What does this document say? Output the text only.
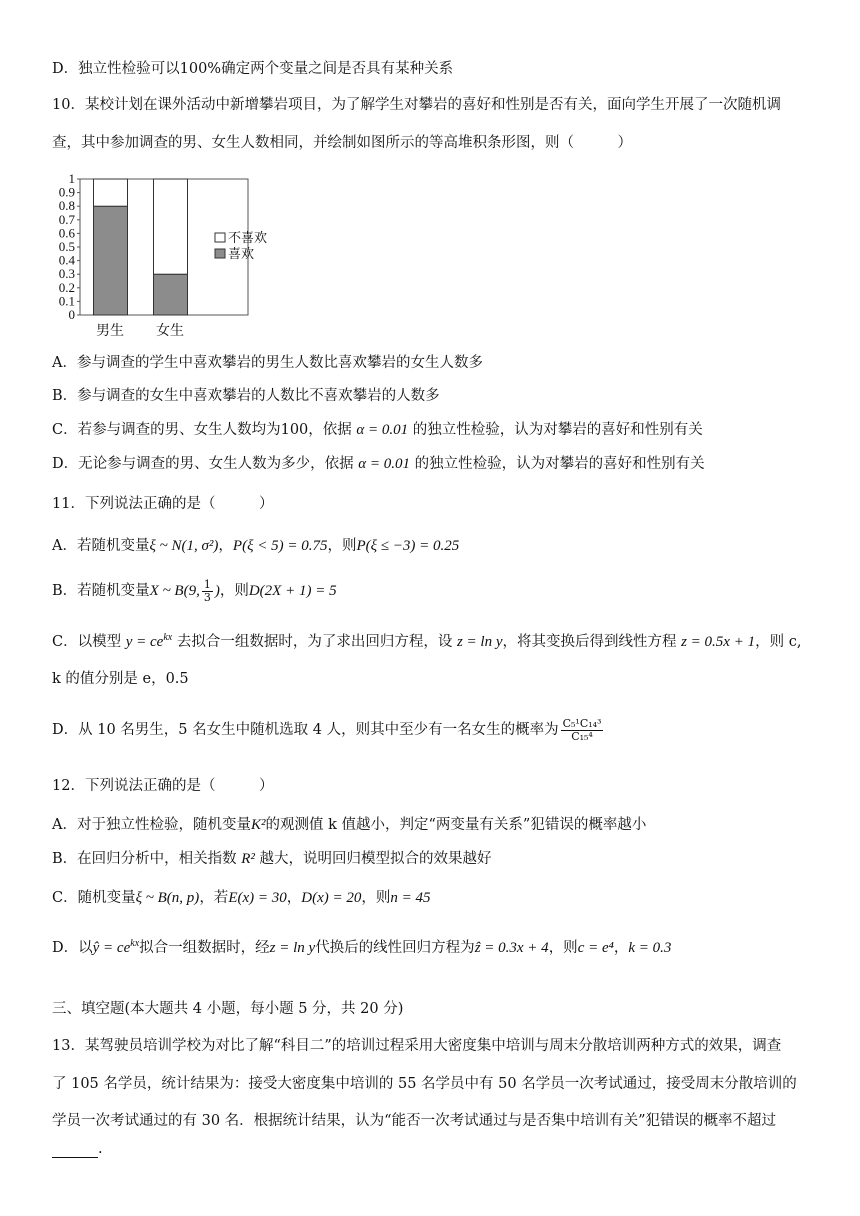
D．独立性检验可以100%确定两个变量之间是否具有某种关系
10．某校计划在课外活动中新增攀岩项目，为了解学生对攀岩的喜好和性别是否有关，面向学生开展了一次随机调
查，其中参加调查的男、女生人数相同，并绘制如图所示的等高堆积条形图，则（　　　）
0
0.1
0.2
0.3
0.4
0.5
0.6
0.7
0.8
0.9
1
不喜欢
喜欢
男生 女生
A．参与调查的学生中喜欢攀岩的男生人数比喜欢攀岩的女生人数多
B．参与调查的女生中喜欢攀岩的人数比不喜欢攀岩的人数多
C．若参与调查的男、女生人数均为100，依据 α = 0.01 的独立性检验，认为对攀岩的喜好和性别有关
D．无论参与调查的男、女生人数为多少，依据 α = 0.01 的独立性检验，认为对攀岩的喜好和性别有关
11．下列说法正确的是（　　　）
A．若随机变量ξ ~ N(1, σ²)，P(ξ < 5) = 0.75，则P(ξ ≤ −3) = 0.25
B．若随机变量X ~ B(9, $\frac{1}{3}$ )，则D(2X + 1) = 5
C．以模型 $y = ce^{kx}$ 去拟合一组数据时，为了求出回归方程，设 z = ln y，将其变换后得到线性方程 z = 0.5x + 1，则 c,
k 的值分别是 e，0.5
D．从 10 名男生，5 名女生中随机选取 4 人，则其中至少有一名女生的概率为 $\frac{\text{C₅¹C₁₄³}}{\text{C₁₅⁴}}$
12．下列说法正确的是（　　　）
A．对于独立性检验，随机变量K²的观测值 k 值越小，判定“两变量有关系”犯错误的概率越小
B．在回归分析中，相关指数 R² 越大，说明回归模型拟合的效果越好
C．随机变量ξ ~ B(n, p)，若E(x) = 30，D(x) = 20，则n = 45
D．以ŷ = $ce^{kx}$拟合一组数据时，经z = ln y代换后的线性回归方程为ẑ = 0.3x + 4，则c = e⁴，k = 0.3
三、填空题(本大题共 4 小题，每小题 5 分，共 20 分)
13．某驾驶员培训学校为对比了解“科目二”的培训过程采用大密度集中培训与周末分散培训两种方式的效果，调查
了 105 名学员，统计结果为：接受大密度集中培训的 55 名学员中有 50 名学员一次考试通过，接受周末分散培训的
学员一次考试通过的有 30 名．根据统计结果，认为“能否一次考试通过与是否集中培训有关”犯错误的概率不超过
.
